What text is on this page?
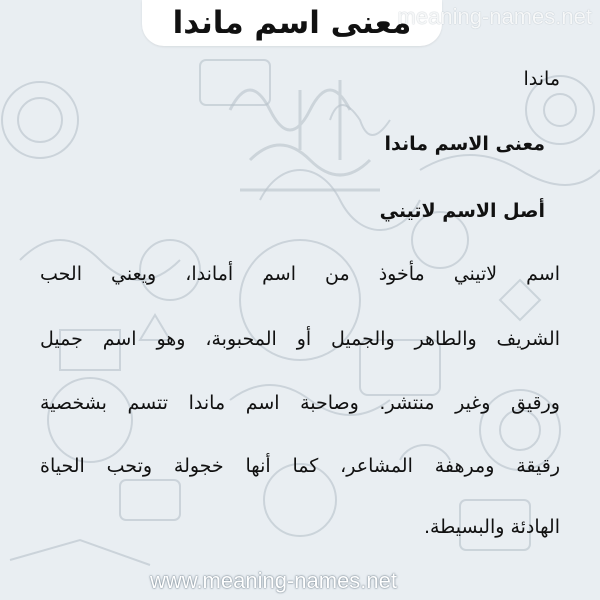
معنى اسم ماندا
meaning-names.net
ماندا
معنى الاسم ماندا
أصل الاسم لاتيني
اسم لاتيني مأخوذ من اسم أماندا، ويعني الحب
الشريف والطاهر والجميل أو المحبوبة، وهو اسم جميل
ورقيق وغير منتشر. وصاحبة اسم ماندا تتسم بشخصية
رقيقة ومرهفة المشاعر، كما أنها خجولة وتحب الحياة
الهادئة والبسيطة.
www.meaning-names.net
